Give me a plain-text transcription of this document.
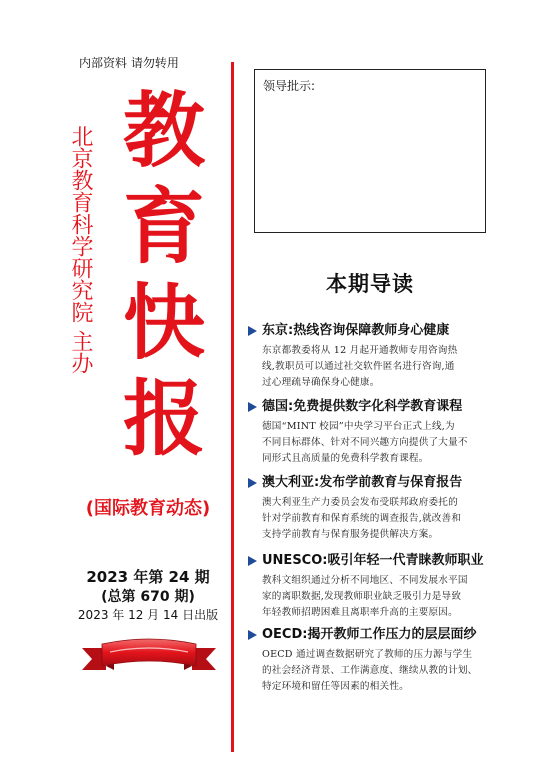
内部资料 请勿转用
北京教育科学研究院 主办 教
育
快
报
(国际教育动态)
2023 年第 24 期
(总第 670 期)
2023 年 12 月 14 日出版
领导批示:
本期导读
东京:热线咨询保障教师身心健康
东京都教委将从 12 月起开通教师专用咨询热
线,教职员可以通过社交软件匿名进行咨询,通
过心理疏导确保身心健康。
德国:免费提供数字化科学教育课程
德国“MINT 校园”中央学习平台正式上线,为
不同目标群体、针对不同兴趣方向提供了大量不
同形式且高质量的免费科学教育课程。
澳大利亚:发布学前教育与保育报告
澳大利亚生产力委员会发布受联邦政府委托的
针对学前教育和保育系统的调查报告,就改善和
支持学前教育与保育服务提供解决方案。
UNESCO:吸引年轻一代青睐教师职业
教科文组织通过分析不同地区、不同发展水平国
家的离职数据,发现教师职业缺乏吸引力是导致
年轻教师招聘困难且离职率升高的主要原因。
OECD:揭开教师工作压力的层层面纱
OECD 通过调查数据研究了教师的压力源与学生
的社会经济背景、工作满意度、继续从教的计划、
特定环境和留任等因素的相关性。
